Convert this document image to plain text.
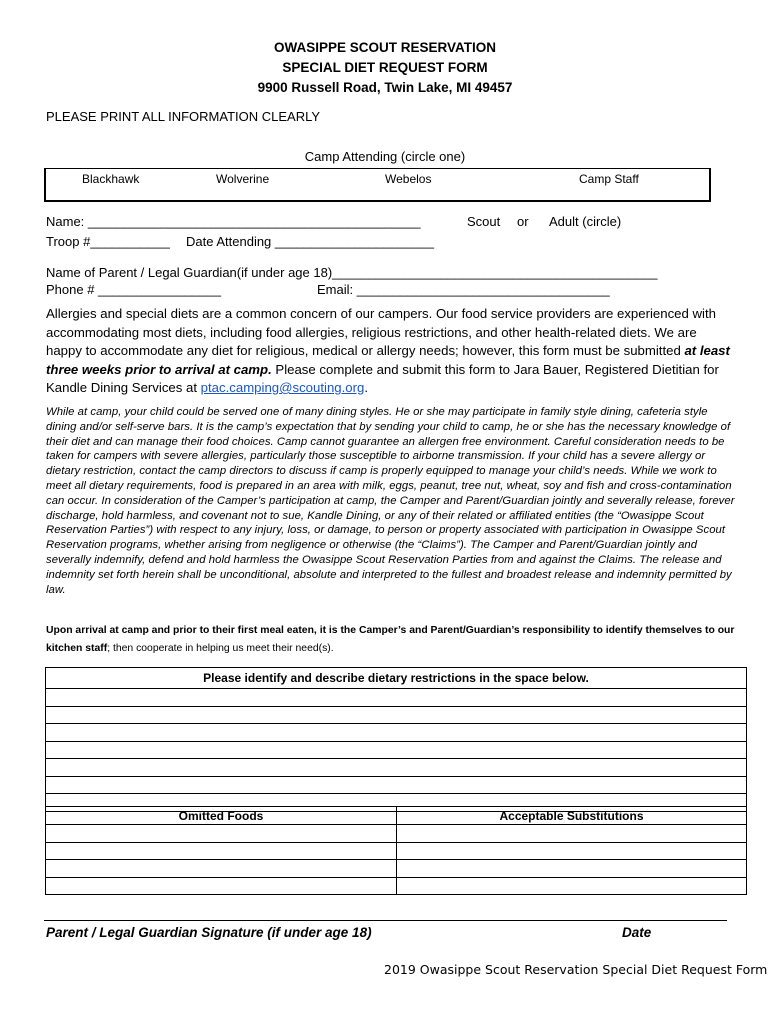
OWASIPPE SCOUT RESERVATION
SPECIAL DIET REQUEST FORM
9900 Russell Road, Twin Lake, MI 49457
PLEASE PRINT ALL INFORMATION CLEARLY
Camp Attending (circle one)
Blackhawk	Wolverine	Webelos	Camp Staff
Name: ______________________________________________	Scout or Adult (circle)
Troop #___________ Date Attending ______________________
Name of Parent / Legal Guardian(if under age 18)_____________________________________________
Phone # _________________	Email: ___________________________________
Allergies and special diets are a common concern of our campers. Our food service providers are experienced with accommodating most diets, including food allergies, religious restrictions, and other health-related diets. We are happy to accommodate any diet for religious, medical or allergy needs; however, this form must be submitted at least three weeks prior to arrival at camp. Please complete and submit this form to Jara Bauer, Registered Dietitian for Kandle Dining Services at ptac.camping@scouting.org.
While at camp, your child could be served one of many dining styles. He or she may participate in family style dining, cafeteria style dining and/or self-serve bars. It is the camp’s expectation that by sending your child to camp, he or she has the necessary knowledge of their diet and can manage their food choices. Camp cannot guarantee an allergen free environment. Careful consideration needs to be taken for campers with severe allergies, particularly those susceptible to airborne transmission. If your child has a severe allergy or dietary restriction, contact the camp directors to discuss if camp is properly equipped to manage your child’s needs. While we work to meet all dietary requirements, food is prepared in an area with milk, eggs, peanut, tree nut, wheat, soy and fish and cross-contamination can occur. In consideration of the Camper’s participation at camp, the Camper and Parent/Guardian jointly and severally release, forever discharge, hold harmless, and covenant not to sue, Kandle Dining, or any of their related or affiliated entities (the “Owasippe Scout Reservation Parties”) with respect to any injury, loss, or damage, to person or property associated with participation in Owasippe Scout Reservation programs, whether arising from negligence or otherwise (the “Claims”). The Camper and Parent/Guardian jointly and severally indemnify, defend and hold harmless the Owasippe Scout Reservation Parties from and against the Claims. The release and indemnity set forth herein shall be unconditional, absolute and interpreted to the fullest and broadest release and indemnity permitted by law.
Upon arrival at camp and prior to their first meal eaten, it is the Camper’s and Parent/Guardian’s responsibility to identify themselves to our kitchen staff; then cooperate in helping us meet their need(s).
Please identify and describe dietary restrictions in the space below.

Omitted Foods	Acceptable Substitutions

Parent / Legal Guardian Signature (if under age 18)	Date
2019 Owasippe Scout Reservation Special Diet Request Form
